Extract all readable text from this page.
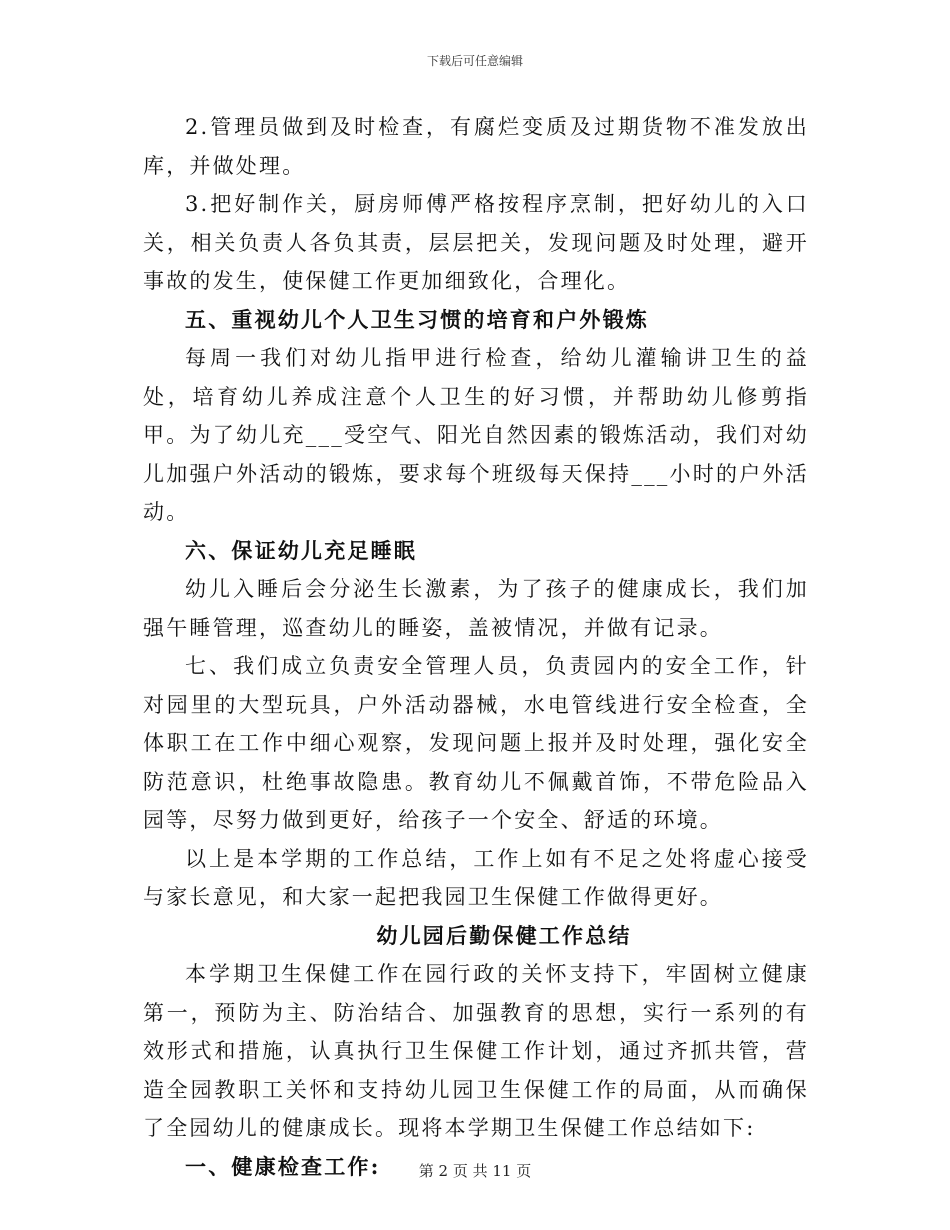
下载后可任意编辑

2.管理员做到及时检查，有腐烂变质及过期货物不准发放出库，并做处理。

3.把好制作关，厨房师傅严格按程序烹制，把好幼儿的入口关，相关负责人各负其责，层层把关，发现问题及时处理，避开事故的发生，使保健工作更加细致化，合理化。

五、重视幼儿个人卫生习惯的培育和户外锻炼

每周一我们对幼儿指甲进行检查，给幼儿灌输讲卫生的益处，培育幼儿养成注意个人卫生的好习惯，并帮助幼儿修剪指甲。为了幼儿充___受空气、阳光自然因素的锻炼活动，我们对幼儿加强户外活动的锻炼，要求每个班级每天保持___小时的户外活动。

六、保证幼儿充足睡眠

幼儿入睡后会分泌生长激素，为了孩子的健康成长，我们加强午睡管理，巡查幼儿的睡姿，盖被情况，并做有记录。

七、我们成立负责安全管理人员，负责园内的安全工作，针对园里的大型玩具，户外活动器械，水电管线进行安全检查，全体职工在工作中细心观察，发现问题上报并及时处理，强化安全防范意识，杜绝事故隐患。教育幼儿不佩戴首饰，不带危险品入园等，尽努力做到更好，给孩子一个安全、舒适的环境。

以上是本学期的工作总结，工作上如有不足之处将虚心接受与家长意见，和大家一起把我园卫生保健工作做得更好。

幼儿园后勤保健工作总结

本学期卫生保健工作在园行政的关怀支持下，牢固树立健康第一，预防为主、防治结合、加强教育的思想，实行一系列的有效形式和措施，认真执行卫生保健工作计划，通过齐抓共管，营造全园教职工关怀和支持幼儿园卫生保健工作的局面，从而确保了全园幼儿的健康成长。现将本学期卫生保健工作总结如下:

一、健康检查工作:	第 2 页 共 11 页
